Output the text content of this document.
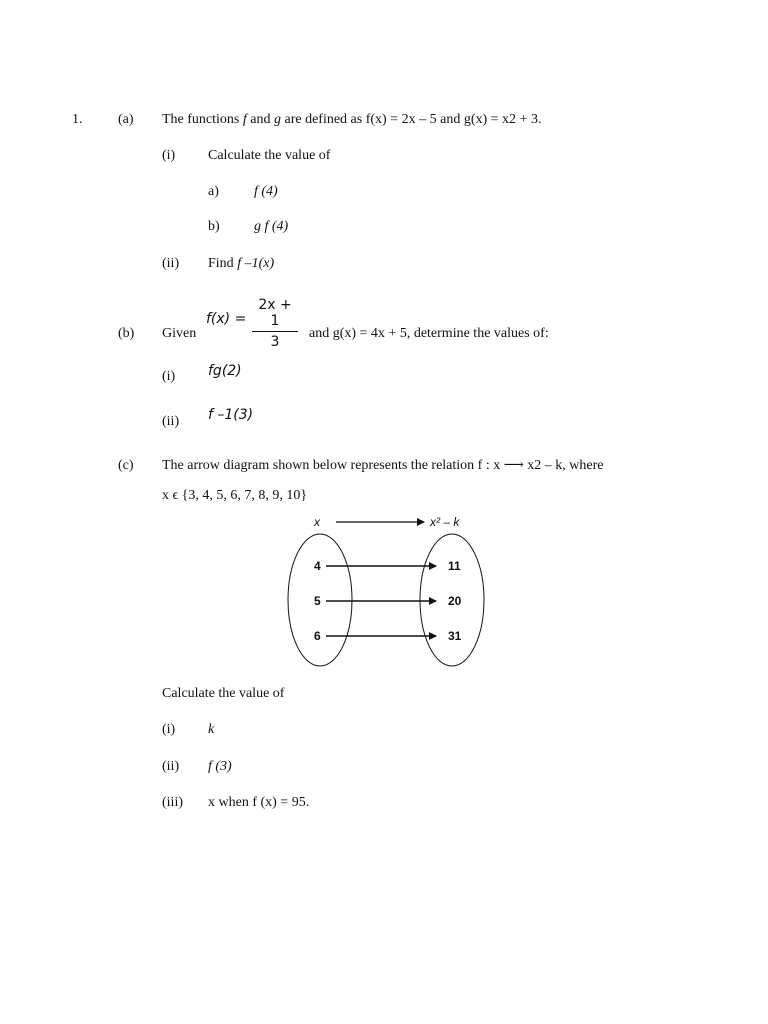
1.	(a) The functions f and g are defined as f(x) = 2x – 5 and g(x) = x2 + 3.
(i) Calculate the value of
a)	f (4)
b) g f (4)
(ii) Find f –1(x)
(b) Given
f(x) =
2x + 1
3
and g(x) = 4x + 5, determine the values of:
(i) fg(2)
(ii) f –1(3)
(c) The arrow diagram shown below represents the relation f : x ⟶ x2 – k, where
x ϵ {3, 4, 5, 6, 7, 8, 9, 10}
x	x² – k
4
5
6
11
20
31
Calculate the value of
(i) k
(ii) f (3)
(iii) x when f (x) = 95.
